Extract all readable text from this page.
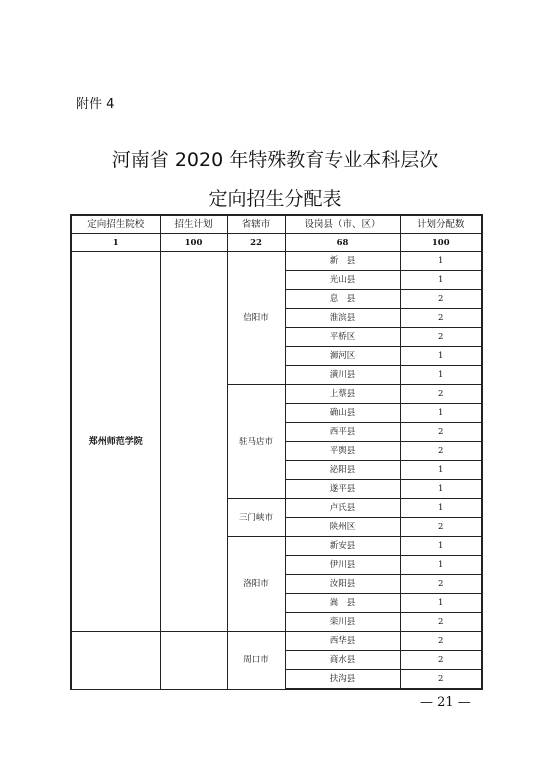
附件 4
河南省 2020 年特殊教育专业本科层次
定向招生分配表
定向招生院校	招生计划	省辖市	设岗县（市、区）	计划分配数
1	100	22	68	100
郑州师范学院		信阳市	新　县	1
			光山县	1
			息　县	2
			淮滨县	2
			平桥区	2
			浉河区	1
			潢川县	1
		驻马店市	上蔡县	2
			确山县	1
			西平县	2
			平舆县	2
			泌阳县	1
			遂平县	1
		三门峡市	卢氏县	1
			陕州区	2
		洛阳市	新安县	1
			伊川县	1
			汝阳县	2
			嵩　县	1
			栾川县	2
		周口市	西华县	2
			商水县	2
			扶沟县	2
— 21 —
